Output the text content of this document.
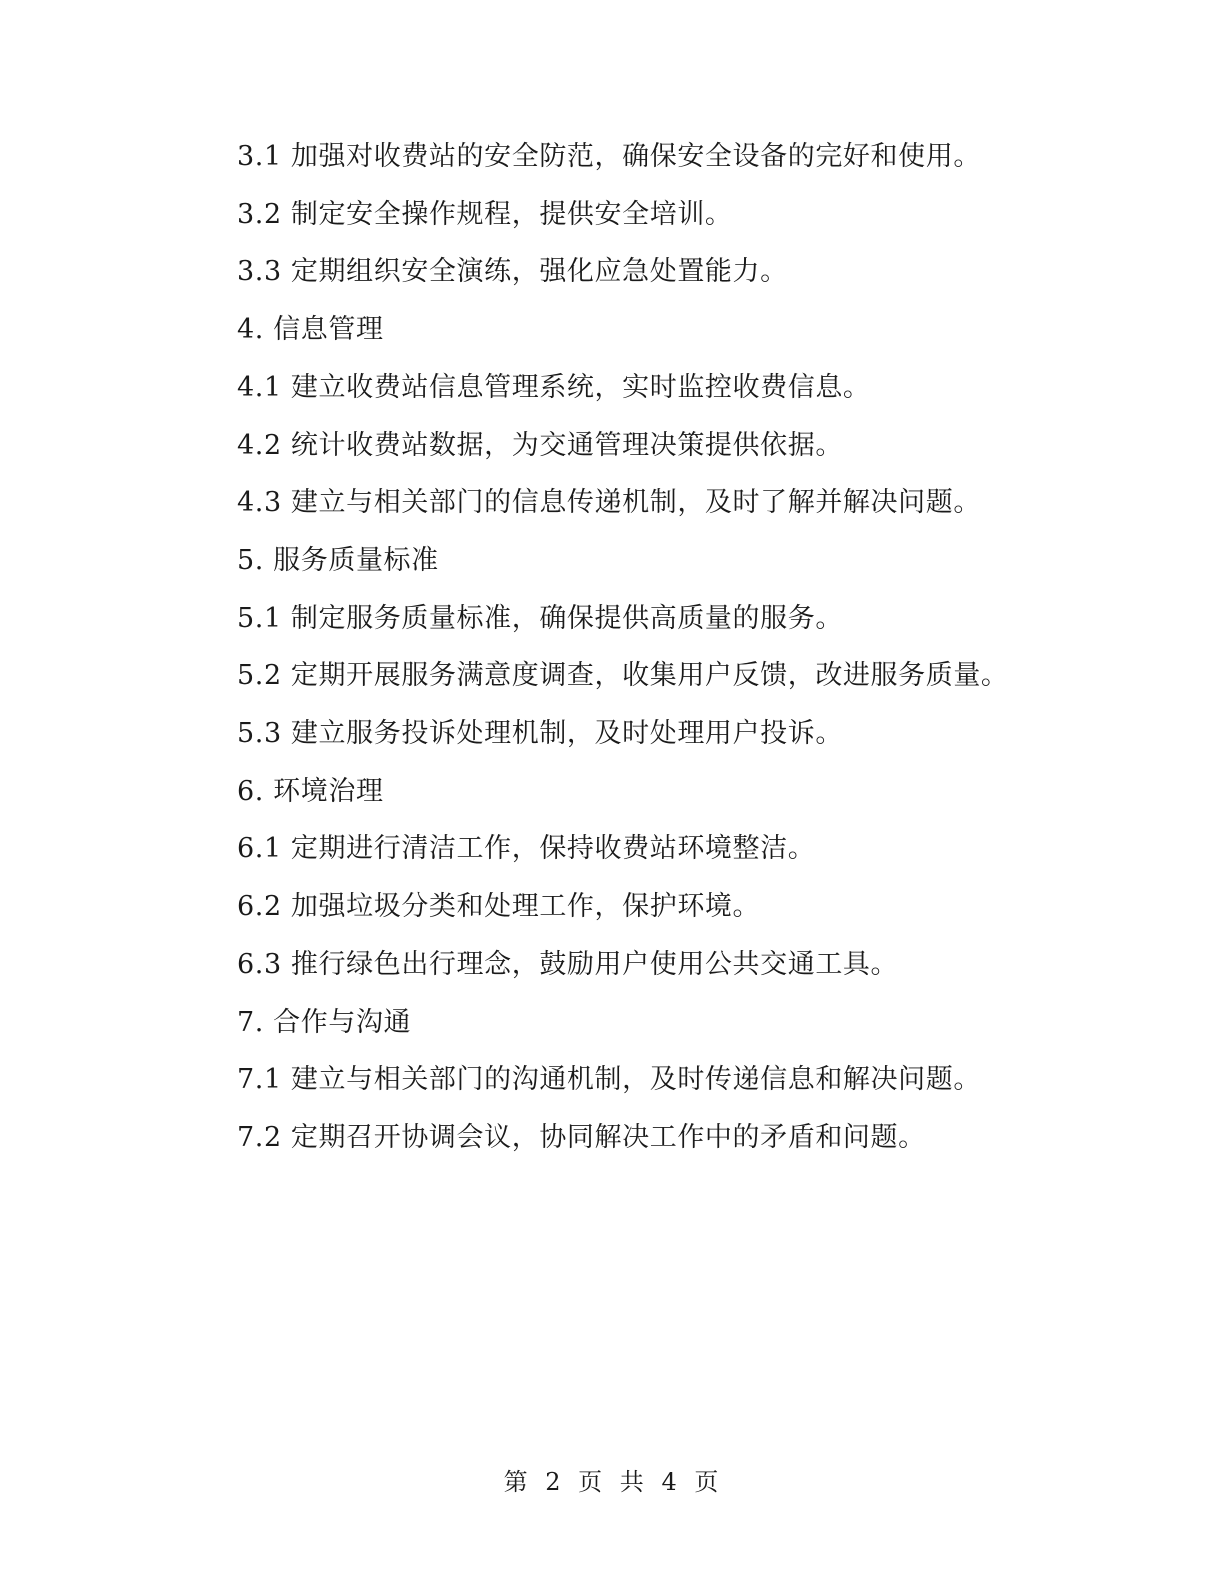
3.1 加强对收费站的安全防范，确保安全设备的完好和使用。

3.2 制定安全操作规程，提供安全培训。

3.3 定期组织安全演练，强化应急处置能力。

4. 信息管理

4.1 建立收费站信息管理系统，实时监控收费信息。

4.2 统计收费站数据，为交通管理决策提供依据。

4.3 建立与相关部门的信息传递机制，及时了解并解决问题。

5. 服务质量标准

5.1 制定服务质量标准，确保提供高质量的服务。

5.2 定期开展服务满意度调查，收集用户反馈，改进服务质量。

5.3 建立服务投诉处理机制，及时处理用户投诉。

6. 环境治理

6.1 定期进行清洁工作，保持收费站环境整洁。

6.2 加强垃圾分类和处理工作，保护环境。

6.3 推行绿色出行理念，鼓励用户使用公共交通工具。

7. 合作与沟通

7.1 建立与相关部门的沟通机制，及时传递信息和解决问题。

7.2 定期召开协调会议，协同解决工作中的矛盾和问题。

第 2 页 共 4 页
